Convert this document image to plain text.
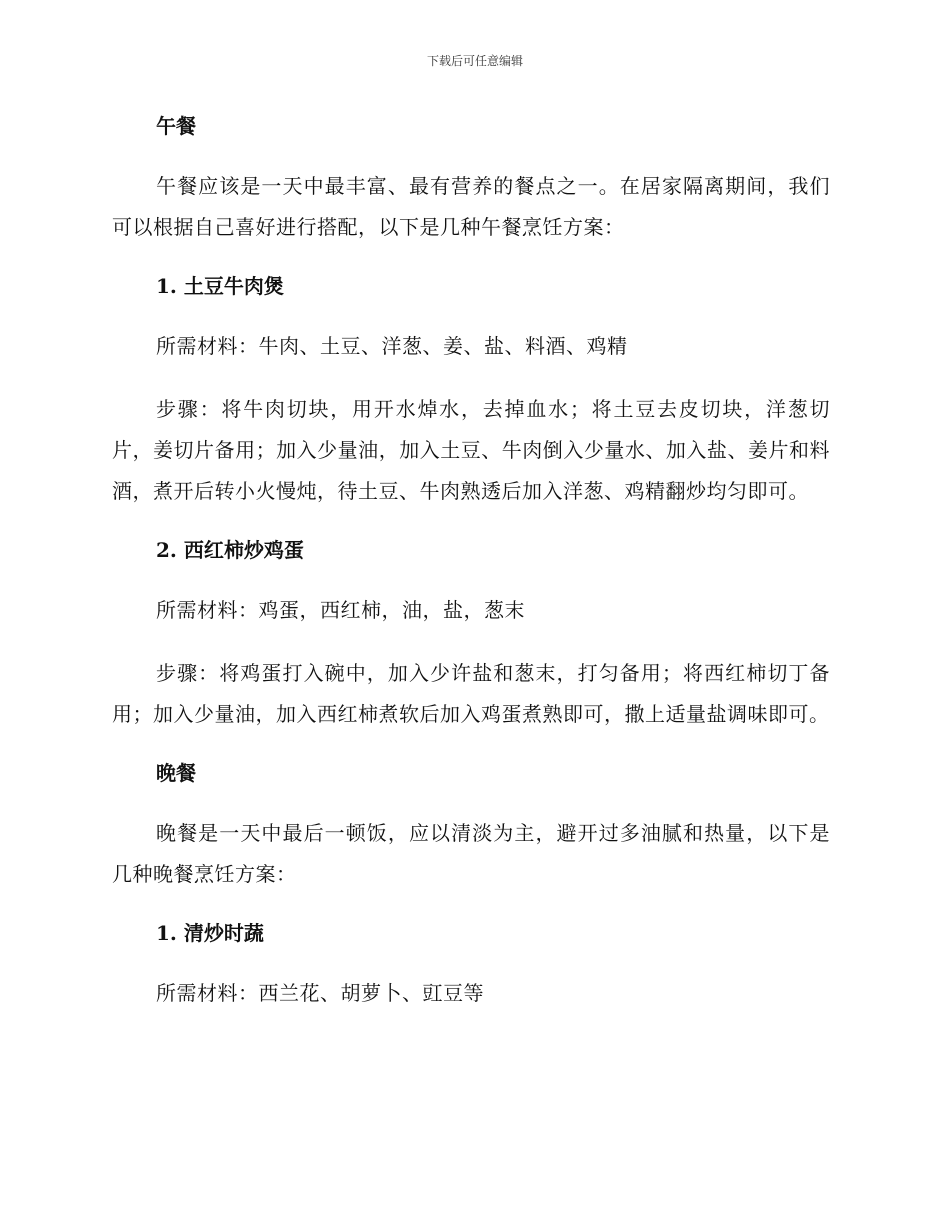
下载后可任意编辑
午餐

午餐应该是一天中最丰富、最有营养的餐点之一。在居家隔离期间，我们可以根据自己喜好进行搭配，以下是几种午餐烹饪方案：

1. 土豆牛肉煲

所需材料：牛肉、土豆、洋葱、姜、盐、料酒、鸡精

步骤：将牛肉切块，用开水焯水，去掉血水；将土豆去皮切块，洋葱切片，姜切片备用；加入少量油，加入土豆、牛肉倒入少量水、加入盐、姜片和料酒，煮开后转小火慢炖，待土豆、牛肉熟透后加入洋葱、鸡精翻炒均匀即可。

2. 西红柿炒鸡蛋

所需材料：鸡蛋，西红柿，油，盐，葱末

步骤：将鸡蛋打入碗中，加入少许盐和葱末，打匀备用；将西红柿切丁备用；加入少量油，加入西红柿煮软后加入鸡蛋煮熟即可，撒上适量盐调味即可。

晚餐

晚餐是一天中最后一顿饭，应以清淡为主，避开过多油腻和热量，以下是几种晚餐烹饪方案：

1. 清炒时蔬

所需材料：西兰花、胡萝卜、豇豆等
